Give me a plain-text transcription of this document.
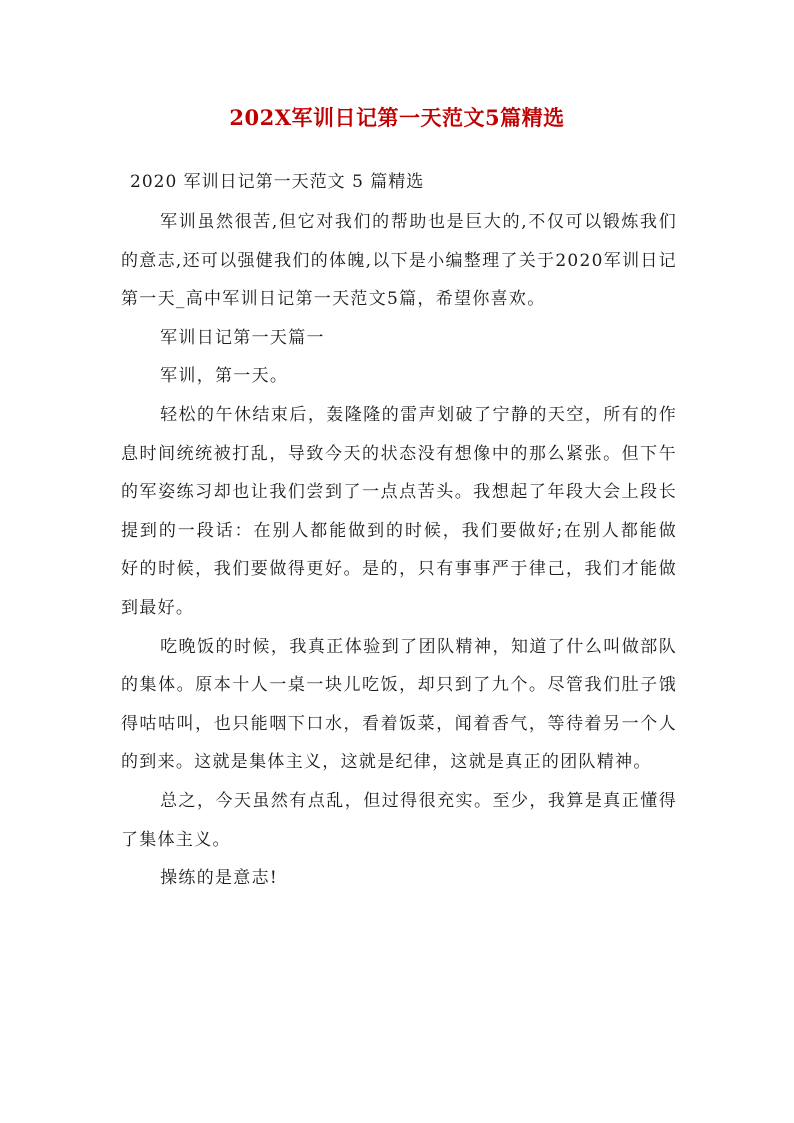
202X军训日记第一天范文5篇精选
2020 军训日记第一天范文 5 篇精选

军训虽然很苦,但它对我们的帮助也是巨大的,不仅可以锻炼我们的意志,还可以强健我们的体魄,以下是小编整理了关于2020军训日记第一天_高中军训日记第一天范文5篇，希望你喜欢。

军训日记第一天篇一

军训，第一天。

轻松的午休结束后，轰隆隆的雷声划破了宁静的天空，所有的作息时间统统被打乱，导致今天的状态没有想像中的那么紧张。但下午的军姿练习却也让我们尝到了一点点苦头。我想起了年段大会上段长提到的一段话：在别人都能做到的时候，我们要做好;在别人都能做好的时候，我们要做得更好。是的，只有事事严于律己，我们才能做到最好。

吃晚饭的时候，我真正体验到了团队精神，知道了什么叫做部队的集体。原本十人一桌一块儿吃饭，却只到了九个。尽管我们肚子饿得咕咕叫，也只能咽下口水，看着饭菜，闻着香气，等待着另一个人的到来。这就是集体主义，这就是纪律，这就是真正的团队精神。

总之，今天虽然有点乱，但过得很充实。至少，我算是真正懂得了集体主义。

操练的是意志!
